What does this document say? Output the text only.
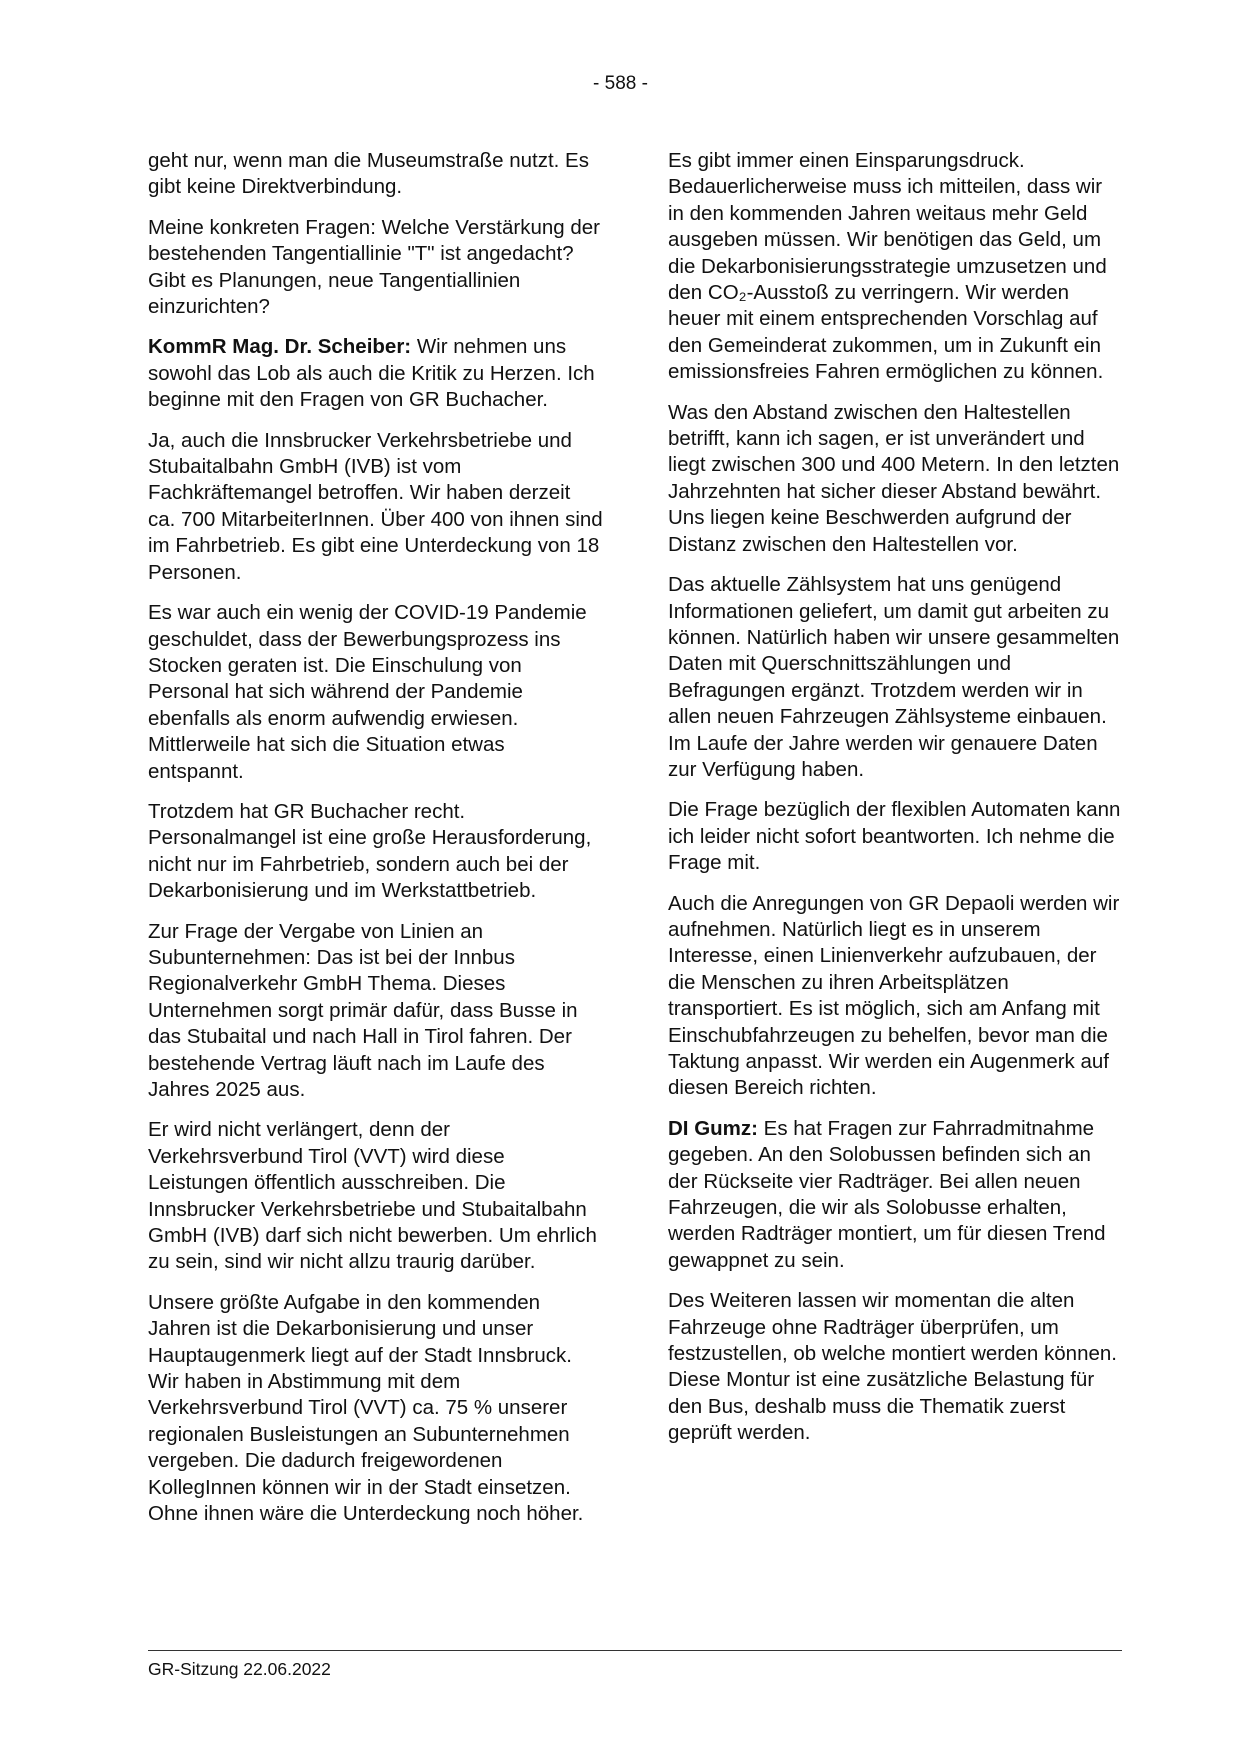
- 588 -

geht nur, wenn man die Museumstraße nutzt. Es gibt keine Direktverbindung.

Meine konkreten Fragen: Welche Verstärkung der bestehenden Tangentiallinie "T" ist angedacht? Gibt es Planungen, neue Tangentiallinien einzurichten?

KommR Mag. Dr. Scheiber: Wir nehmen uns sowohl das Lob als auch die Kritik zu Herzen. Ich beginne mit den Fragen von GR Buchacher.

Ja, auch die Innsbrucker Verkehrsbetriebe und Stubaitalbahn GmbH (IVB) ist vom Fachkräftemangel betroffen. Wir haben derzeit ca. 700 MitarbeiterInnen. Über 400 von ihnen sind im Fahrbetrieb. Es gibt eine Unterdeckung von 18 Personen.

Es war auch ein wenig der COVID-19 Pandemie geschuldet, dass der Bewerbungsprozess ins Stocken geraten ist. Die Einschulung von Personal hat sich während der Pandemie ebenfalls als enorm aufwendig erwiesen. Mittlerweile hat sich die Situation etwas entspannt.

Trotzdem hat GR Buchacher recht. Personalmangel ist eine große Herausforderung, nicht nur im Fahrbetrieb, sondern auch bei der Dekarbonisierung und im Werkstattbetrieb.

Zur Frage der Vergabe von Linien an Subunternehmen: Das ist bei der Innbus Regionalverkehr GmbH Thema. Dieses Unternehmen sorgt primär dafür, dass Busse in das Stubaital und nach Hall in Tirol fahren. Der bestehende Vertrag läuft nach im Laufe des Jahres 2025 aus.

Er wird nicht verlängert, denn der Verkehrsverbund Tirol (VVT) wird diese Leistungen öffentlich ausschreiben. Die Innsbrucker Verkehrsbetriebe und Stubaitalbahn GmbH (IVB) darf sich nicht bewerben. Um ehrlich zu sein, sind wir nicht allzu traurig darüber.

Unsere größte Aufgabe in den kommenden Jahren ist die Dekarbonisierung und unser Hauptaugenmerk liegt auf der Stadt Innsbruck. Wir haben in Abstimmung mit dem Verkehrsverbund Tirol (VVT) ca. 75 % unserer regionalen Busleistungen an Subunternehmen vergeben. Die dadurch freigewordenen KollegInnen können wir in der Stadt einsetzen. Ohne ihnen wäre die Unterdeckung noch höher.

Es gibt immer einen Einsparungsdruck. Bedauerlicherweise muss ich mitteilen, dass wir in den kommenden Jahren weitaus mehr Geld ausgeben müssen. Wir benötigen das Geld, um die Dekarbonisierungsstrategie umzusetzen und den CO₂-Ausstoß zu verringern. Wir werden heuer mit einem entsprechenden Vorschlag auf den Gemeinderat zukommen, um in Zukunft ein emissionsfreies Fahren ermöglichen zu können.

Was den Abstand zwischen den Haltestellen betrifft, kann ich sagen, er ist unverändert und liegt zwischen 300 und 400 Metern. In den letzten Jahrzehnten hat sicher dieser Abstand bewährt. Uns liegen keine Beschwerden aufgrund der Distanz zwischen den Haltestellen vor.

Das aktuelle Zählsystem hat uns genügend Informationen geliefert, um damit gut arbeiten zu können. Natürlich haben wir unsere gesammelten Daten mit Querschnittszählungen und Befragungen ergänzt. Trotzdem werden wir in allen neuen Fahrzeugen Zählsysteme einbauen. Im Laufe der Jahre werden wir genauere Daten zur Verfügung haben.

Die Frage bezüglich der flexiblen Automaten kann ich leider nicht sofort beantworten. Ich nehme die Frage mit.

Auch die Anregungen von GR Depaoli werden wir aufnehmen. Natürlich liegt es in unserem Interesse, einen Linienverkehr aufzubauen, der die Menschen zu ihren Arbeitsplätzen transportiert. Es ist möglich, sich am Anfang mit Einschubfahrzeugen zu behelfen, bevor man die Taktung anpasst. Wir werden ein Augenmerk auf diesen Bereich richten.

DI Gumz: Es hat Fragen zur Fahrradmitnahme gegeben. An den Solobussen befinden sich an der Rückseite vier Radträger. Bei allen neuen Fahrzeugen, die wir als Solobusse erhalten, werden Radträger montiert, um für diesen Trend gewappnet zu sein.

Des Weiteren lassen wir momentan die alten Fahrzeuge ohne Radträger überprüfen, um festzustellen, ob welche montiert werden können. Diese Montur ist eine zusätzliche Belastung für den Bus, deshalb muss die Thematik zuerst geprüft werden.

GR-Sitzung 22.06.2022
